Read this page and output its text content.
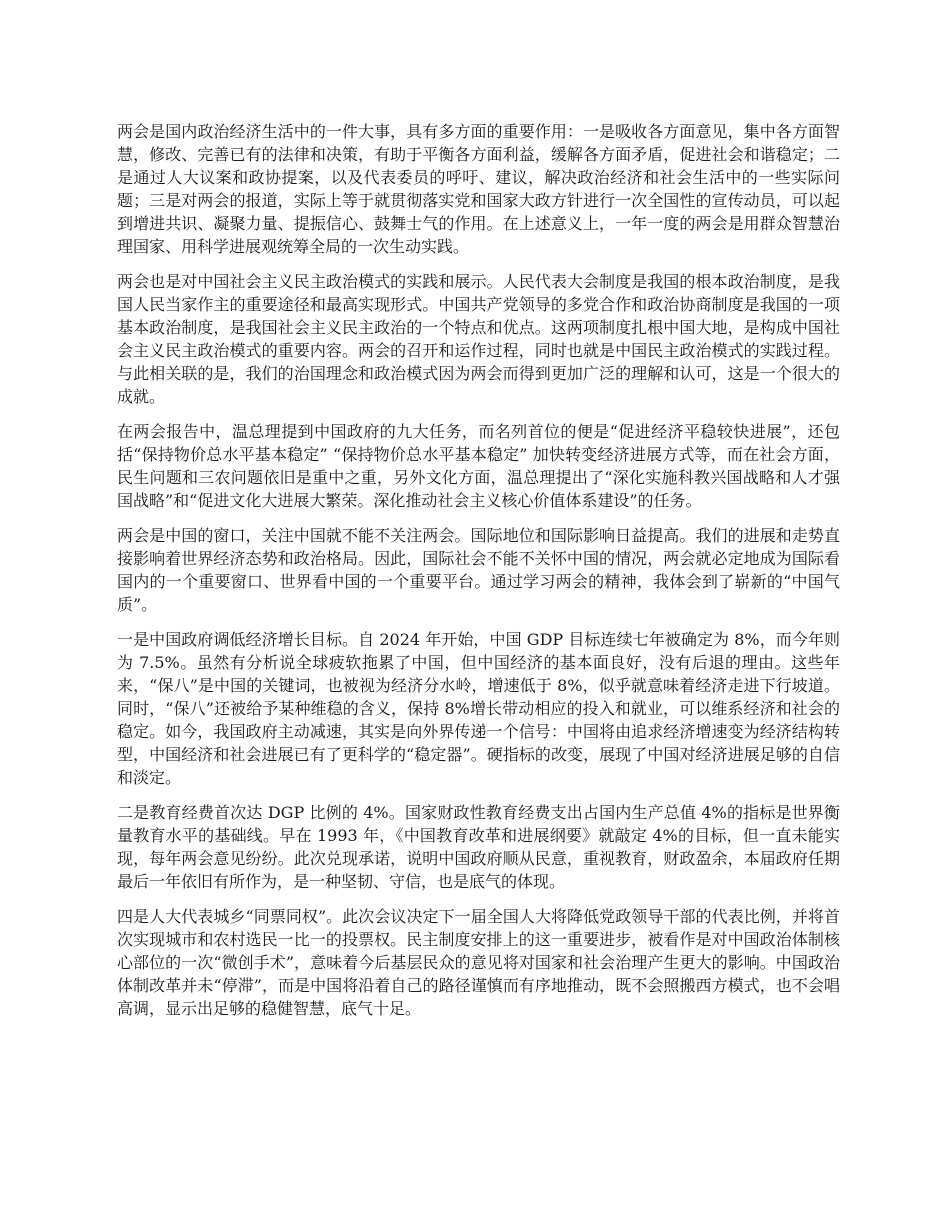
两会是国内政治经济生活中的一件大事，具有多方面的重要作用：一是吸收各方面意见，集中各方面智慧，修改、完善已有的法律和决策，有助于平衡各方面利益，缓解各方面矛盾，促进社会和谐稳定；二是通过人大议案和政协提案，以及代表委员的呼吁、建议，解决政治经济和社会生活中的一些实际问题；三是对两会的报道，实际上等于就贯彻落实党和国家大政方针进行一次全国性的宣传动员，可以起到增进共识、凝聚力量、提振信心、鼓舞士气的作用。在上述意义上，一年一度的两会是用群众智慧治理国家、用科学进展观统筹全局的一次生动实践。

两会也是对中国社会主义民主政治模式的实践和展示。人民代表大会制度是我国的根本政治制度，是我国人民当家作主的重要途径和最高实现形式。中国共产党领导的多党合作和政治协商制度是我国的一项基本政治制度，是我国社会主义民主政治的一个特点和优点。这两项制度扎根中国大地，是构成中国社会主义民主政治模式的重要内容。两会的召开和运作过程，同时也就是中国民主政治模式的实践过程。与此相关联的是，我们的治国理念和政治模式因为两会而得到更加广泛的理解和认可，这是一个很大的成就。

在两会报告中，温总理提到中国政府的九大任务，而名列首位的便是“促进经济平稳较快进展”，还包括“保持物价总水平基本稳定” “保持物价总水平基本稳定” 加快转变经济进展方式等，而在社会方面，民生问题和三农问题依旧是重中之重，另外文化方面，温总理提出了“深化实施科教兴国战略和人才强国战略”和“促进文化大进展大繁荣。深化推动社会主义核心价值体系建设”的任务。

两会是中国的窗口，关注中国就不能不关注两会。国际地位和国际影响日益提高。我们的进展和走势直接影响着世界经济态势和政治格局。因此，国际社会不能不关怀中国的情况，两会就必定地成为国际看国内的一个重要窗口、世界看中国的一个重要平台。通过学习两会的精神，我体会到了崭新的“中国气质”。

一是中国政府调低经济增长目标。自 2024 年开始，中国 GDP 目标连续七年被确定为 8%，而今年则为 7.5%。虽然有分析说全球疲软拖累了中国，但中国经济的基本面良好，没有后退的理由。这些年来，“保八”是中国的关键词，也被视为经济分水岭，增速低于 8%，似乎就意味着经济走进下行坡道。同时，“保八”还被给予某种维稳的含义，保持 8%增长带动相应的投入和就业，可以维系经济和社会的稳定。如今，我国政府主动减速，其实是向外界传递一个信号：中国将由追求经济增速变为经济结构转型，中国经济和社会进展已有了更科学的“稳定器”。硬指标的改变，展现了中国对经济进展足够的自信和淡定。

二是教育经费首次达 DGP 比例的 4%。国家财政性教育经费支出占国内生产总值 4%的指标是世界衡量教育水平的基础线。早在 1993 年，《中国教育改革和进展纲要》就敲定 4%的目标，但一直未能实现，每年两会意见纷纷。此次兑现承诺，说明中国政府顺从民意，重视教育，财政盈余，本届政府任期最后一年依旧有所作为，是一种坚韧、守信，也是底气的体现。

四是人大代表城乡“同票同权”。此次会议决定下一届全国人大将降低党政领导干部的代表比例，并将首次实现城市和农村选民一比一的投票权。民主制度安排上的这一重要进步，被看作是对中国政治体制核心部位的一次“微创手术”，意味着今后基层民众的意见将对国家和社会治理产生更大的影响。中国政治体制改革并未“停滞”，而是中国将沿着自己的路径谨慎而有序地推动，既不会照搬西方模式，也不会唱高调，显示出足够的稳健智慧，底气十足。
